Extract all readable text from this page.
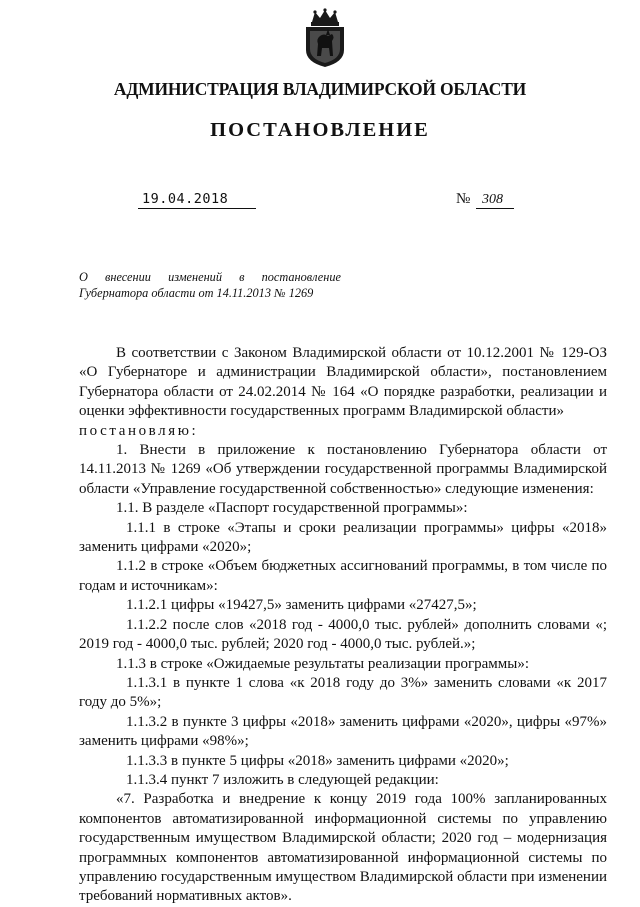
АДМИНИСТРАЦИЯ ВЛАДИМИРСКОЙ ОБЛАСТИ
ПОСТАНОВЛЕНИЕ
19.04.2018	№ 308
О внесении изменений в постановление
Губернатора области от 14.11.2013 № 1269

В соответствии с Законом Владимирской области от 10.12.2001 № 129-ОЗ «О Губернаторе и администрации Владимирской области», постановлением Губернатора области от 24.02.2014 № 164 «О порядке разработки, реализации и оценки эффективности государственных программ Владимирской области»

постановляю:

1. Внести в приложение к постановлению Губернатора области от 14.11.2013 № 1269 «Об утверждении государственной программы Владимирской области «Управление государственной собственностью» следующие изменения:

1.1. В разделе «Паспорт государственной программы»:

1.1.1 в строке «Этапы и сроки реализации программы» цифры «2018» заменить цифрами «2020»;

1.1.2 в строке «Объем бюджетных ассигнований программы, в том числе по годам и источникам»:

1.1.2.1 цифры «19427,5» заменить цифрами «27427,5»;

1.1.2.2 после слов «2018 год - 4000,0 тыс. рублей» дополнить словами «; 2019 год - 4000,0 тыс. рублей; 2020 год - 4000,0 тыс. рублей.»;

1.1.3 в строке «Ожидаемые результаты реализации программы»:

1.1.3.1 в пункте 1 слова «к 2018 году до 3%» заменить словами «к 2017 году до 5%»;

1.1.3.2 в пункте 3 цифры «2018» заменить цифрами «2020», цифры «97%» заменить цифрами «98%»;

1.1.3.3 в пункте 5 цифры «2018» заменить цифрами «2020»;

1.1.3.4 пункт 7 изложить в следующей редакции:

«7. Разработка и внедрение к концу 2019 года 100% запланированных компонентов автоматизированной информационной системы по управлению государственным имуществом Владимирской области; 2020 год – модернизация программных компонентов автоматизированной информационной системы по управлению государственным имуществом Владимирской области при изменении требований нормативных актов».
